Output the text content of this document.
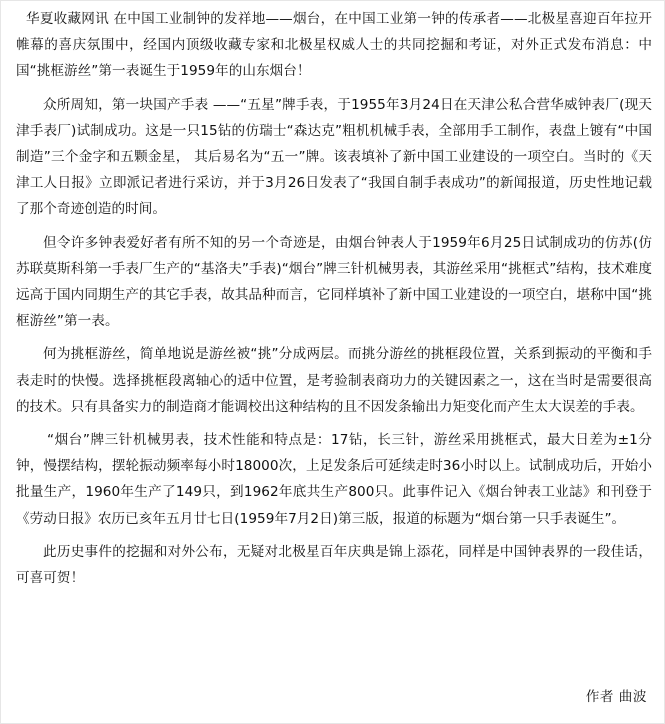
华夏收藏网讯 在中国工业制钟的发祥地——烟台，在中国工业第一钟的传承者——北极星喜迎百年拉开帷幕的喜庆氛围中，经国内顶级收藏专家和北极星权威人士的共同挖掘和考证，对外正式发布消息：中国“挑框游丝”第一表诞生于1959年的山东烟台！

众所周知，第一块国产手表 ——“五星”牌手表，于1955年3月24日在天津公私合营华威钟表厂(现天津手表厂)试制成功。这是一只15钻的仿瑞士“森达克”粗机机械手表，全部用手工制作，表盘上镀有“中国制造”三个金字和五颗金星， 其后易名为“五一”牌。该表填补了新中国工业建设的一项空白。当时的《天津工人日报》立即派记者进行采访，并于3月26日发表了“我国自制手表成功”的新闻报道，历史性地记载了那个奇迹创造的时间。

但令许多钟表爱好者有所不知的另一个奇迹是，由烟台钟表人于1959年6月25日试制成功的仿苏(仿苏联莫斯科第一手表厂生产的“基洛夫”手表)“烟台”牌三针机械男表，其游丝采用“挑框式”结构，技术难度远高于国内同期生产的其它手表，故其品种而言，它同样填补了新中国工业建设的一项空白，堪称中国“挑框游丝”第一表。

何为挑框游丝，简单地说是游丝被“挑”分成两层。而挑分游丝的挑框段位置，关系到振动的平衡和手表走时的快慢。选择挑框段离轴心的适中位置，是考验制表商功力的关键因素之一，这在当时是需要很高的技术。只有具备实力的制造商才能调校出这种结构的且不因发条输出力矩变化而产生太大误差的手表。

“烟台”牌三针机械男表，技术性能和特点是：17钻，长三针，游丝采用挑框式，最大日差为±1分钟，慢摆结构，摆轮振动频率每小时18000次，上足发条后可延续走时36小时以上。试制成功后，开始小批量生产，1960年生产了149只，到1962年底共生产800只。此事件记入《烟台钟表工业誌》和刊登于《劳动日报》农历已亥年五月廿七日(1959年7月2日)第三版，报道的标题为“烟台第一只手表诞生”。

此历史事件的挖掘和对外公布，无疑对北极星百年庆典是锦上添花，同样是中国钟表界的一段佳话，可喜可贺！

作者 曲波
